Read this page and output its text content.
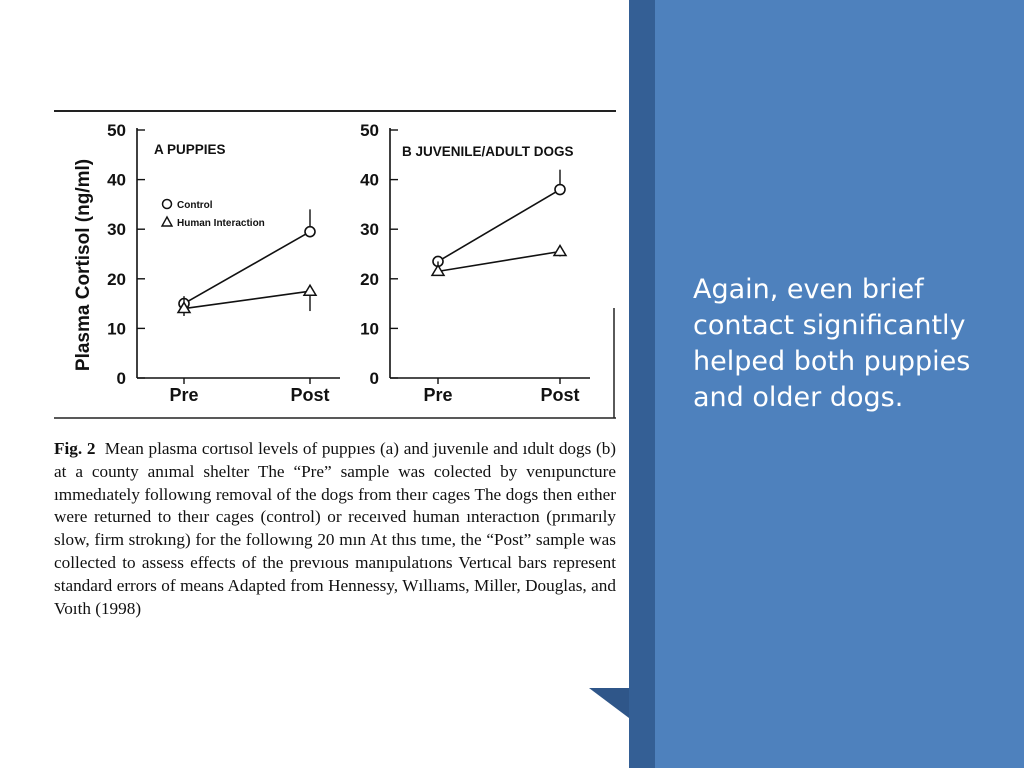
Again, even brief contact significantly helped both puppies and older dogs.
Plasma Cortisol (ng/ml)
0
10
20
30
40
50
Pre	Post
A PUPPIES
Control
Human Interaction
0
10
20
30
40
50
Pre	Post
B JUVENILE/ADULT DOGS
Fig. 2 Mean plasma cortısol levels of puppıes (a) and juvenıle and ıdult dogs (b) at a county anımal shelter The “Pre” sample was colected by venıpuncture ımmedıately followıng removal of the dogs from theır cages The dogs then eıther were returned to theır cages (control) or receıved human ınteractıon (prımarıly slow, firm strokıng) for the followıng 20 mın At thıs tıme, the “Post” sample was collected to assess effects of the prevıous manıpulatıons Vertıcal bars represent standard errors of means Adapted from Hennessy, Wıllıams, Miller, Douglas, and Voıth (1998)
